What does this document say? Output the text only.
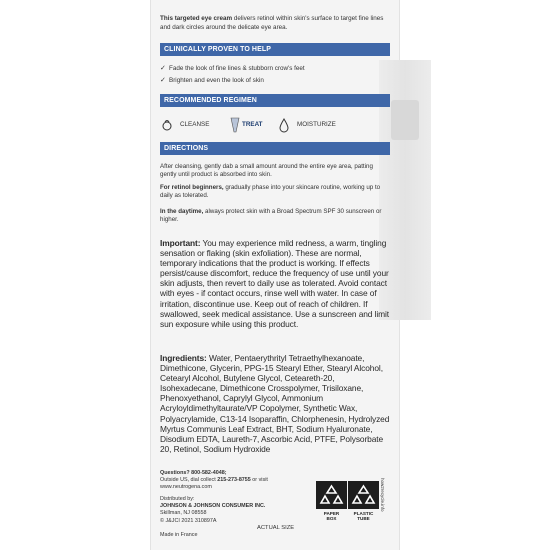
This targeted eye cream delivers retinol within skin's surface to target fine lines and dark circles around the delicate eye area.
CLINICALLY PROVEN TO HELP
✓ Fade the look of fine lines & stubborn crow's feet
✓ Brighten and even the look of skin
RECOMMENDED REGIMEN
CLEANSE	TREAT	MOISTURIZE
DIRECTIONS
After cleansing, gently dab a small amount around the entire eye area, patting gently until product is absorbed into skin.
For retinol beginners, gradually phase into your skincare routine, working up to daily as tolerated.
In the daytime, always protect skin with a Broad Spectrum SPF 30 sunscreen or higher.
Important: You may experience mild redness, a warm, tingling sensation or flaking (skin exfoliation). These are normal, temporary indications that the product is working. If effects persist/cause discomfort, reduce the frequency of use until your skin adjusts, then revert to daily use as tolerated. Avoid contact with eyes - if contact occurs, rinse well with water. In case of irritation, discontinue use. Keep out of reach of children. If swallowed, seek medical assistance. Use a sunscreen and limit sun exposure while using this product.
Ingredients: Water, Pentaerythrityl Tetraethylhexanoate, Dimethicone, Glycerin, PPG-15 Stearyl Ether, Stearyl Alcohol, Cetearyl Alcohol, Butylene Glycol, Ceteareth-20, Isohexadecane, Dimethicone Crosspolymer, Trisiloxane, Phenoxyethanol, Caprylyl Glycol, Ammonium Acryloyldimethyltaurate/VP Copolymer, Synthetic Wax, Polyacrylamide, C13-14 Isoparaffin, Chlorphenesin, Hydrolyzed Myrtus Communis Leaf Extract, BHT, Sodium Hyaluronate, Disodium EDTA, Laureth-7, Ascorbic Acid, PTFE, Polysorbate 20, Retinol, Sodium Hydroxide
Questions? 800-582-4048;
Outside US, dial collect 215-273-8755 or visit
www.neutrogena.com
Distributed by:
JOHNSON & JOHNSON CONSUMER INC.
Skillman, NJ 08558
© J&JCI 2021 310897A
Made in France
ACTUAL SIZE
PAPER
BOX
PLASTIC
TUBE
how2recycle.info
